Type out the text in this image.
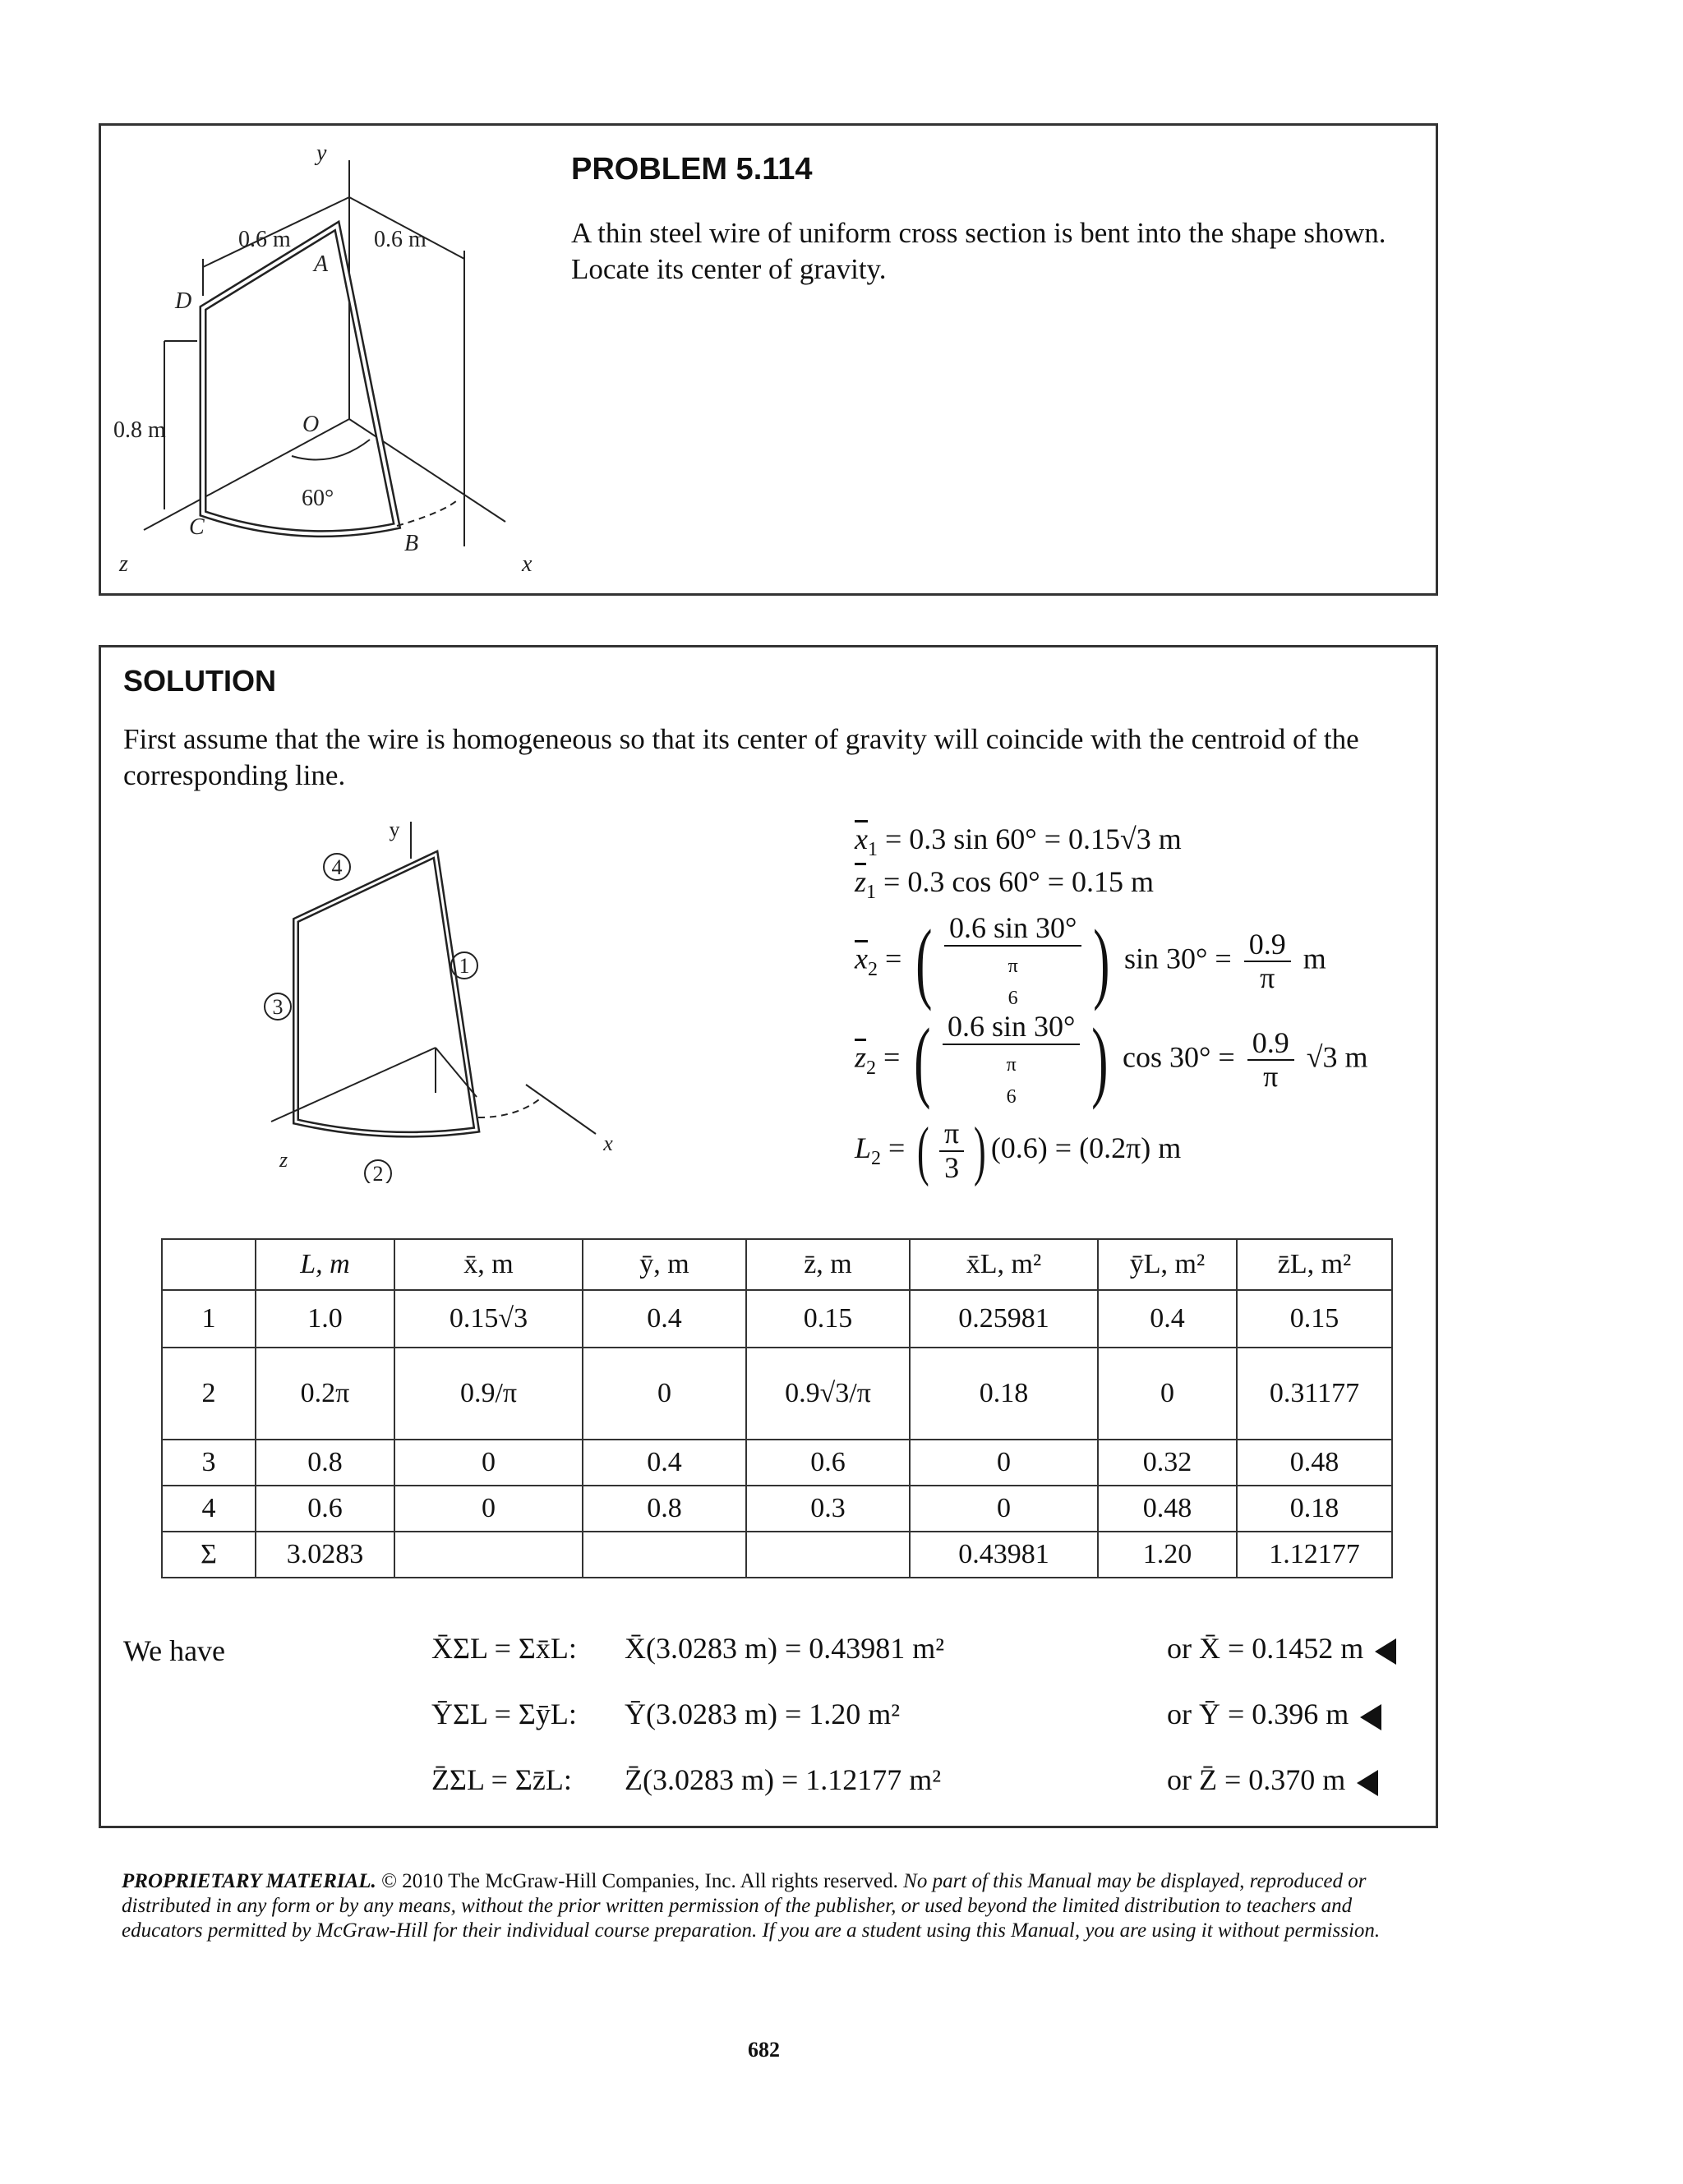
y
0.6 m	0.6 m
A
D
0.8 m	O
60°
C
B
z	x
PROBLEM 5.114
A thin steel wire of uniform cross section is bent into the shape shown. Locate its center of gravity.
SOLUTION
First assume that the wire is homogeneous so that its center of gravity will coincide with the centroid of the corresponding line.
y
4
1
3
2
z
x
$\overline{x}_1 = 0.3$ sin 60° = 0.15√3 m
$\overline{z}_1 = 0.3$ cos 60° = 0.15 m
$\overline{x}_2$ = ( 0.6 sin 30°
π
6 ) $\sin 30^\circ = \frac{0.9}{\pi}$ m
$\overline{z}_2$ = ( 0.6 sin 30°
π
6 ) $\cos 30^\circ = \frac{0.9}{\pi} √3$ m
$L_2$ = ( $\frac{\pi}{3}$ ) (0.6) = (0.2π) m
	L, m	x̄, m	ȳ, m	z̄, m	x̄L, m²	ȳL, m²	z̄L, m²
1	1.0	0.15√3	0.4	0.15	0.25981	0.4	0.15
2	0.2π	0.9/π	0	0.9√3/π	0.18	0	0.31177
3	0.8	0	0.4	0.6	0	0.32	0.48
4	0.6	0	0.8	0.3	0	0.48	0.18
Σ	3.0283				0.43981	1.20	1.12177
We have	X̄ΣL = Σx̄L: X̄(3.0283 m) = 0.43981 m²	or X̄ = 0.1452 m
ȲΣL = ΣȳL: Ȳ(3.0283 m) = 1.20 m²	or Ȳ = 0.396 m
Z̄ΣL = Σz̄L: Z̄(3.0283 m) = 1.12177 m²	or Z̄ = 0.370 m
PROPRIETARY MATERIAL. © 2010 The McGraw-Hill Companies, Inc. All rights reserved. No part of this Manual may be displayed, reproduced or distributed in any form or by any means, without the prior written permission of the publisher, or used beyond the limited distribution to teachers and educators permitted by McGraw-Hill for their individual course preparation. If you are a student using this Manual, you are using it without permission.
682
